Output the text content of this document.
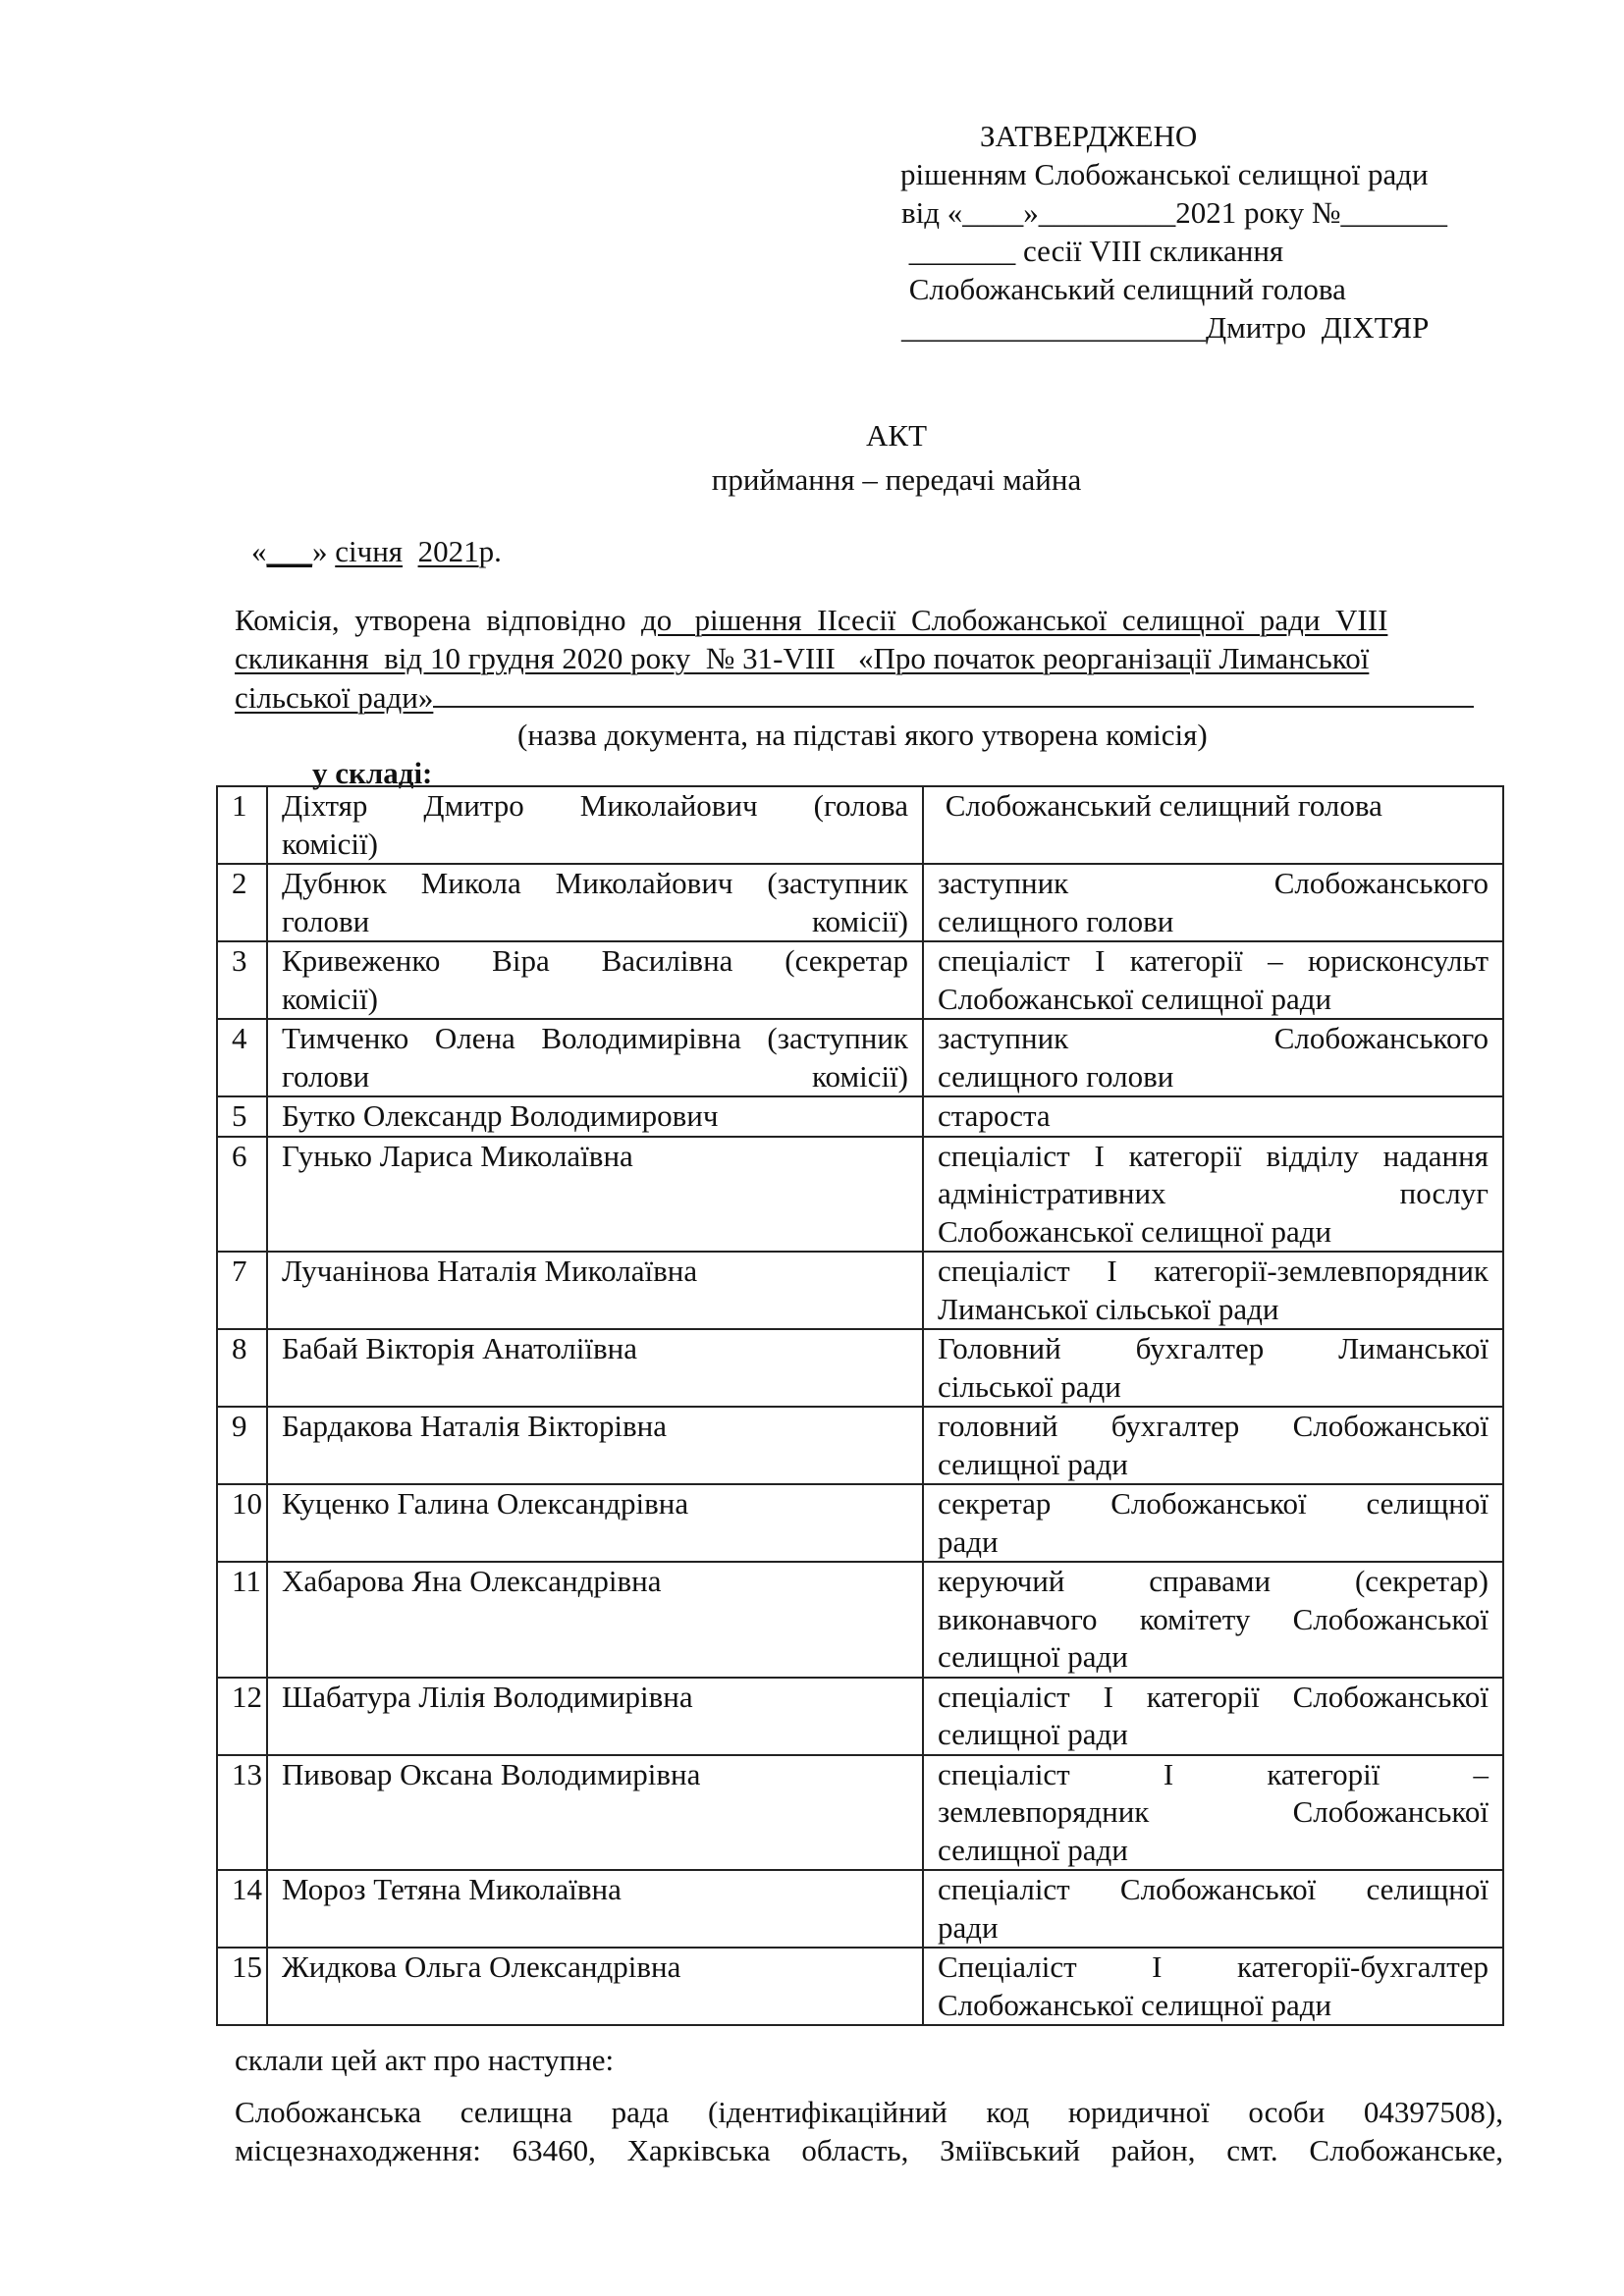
ЗАТВЕРДЖЕНО
рішенням Слобожанської селищної ради
від «____»_________2021 року №_______
_______ сесії VIII скликання
Слобожанський селищний голова
____________________Дмитро  ДІХТЯР
АКТ
приймання – передачі майна
«___» січня 2021р.
Комісія,  утворена  відповідно  до   рішення  ІІсесії  Слобожанської  селищної  ради  VIII
скликання  від 10 грудня 2020 року  № 31-VIII   «Про початок реорганізації Лиманської
сільської ради»
(назва документа, на підставі якого утворена комісія)
у складі:
1	Діхтяр Дмитро Миколайович (голова
комісії)	Слобожанський селищний голова

2	Дубнюк Микола Миколайович (заступник
голови комісії)	заступник Слобожанського
селищного голови

3	Кривеженко Віра Василівна (секретар
комісії)	спеціаліст І категорії – юрисконсульт
Слобожанської селищної ради

4	Тимченко Олена Володимирівна (заступник
голови комісії)	заступник Слобожанського
селищного голови

5	Бутко Олександр Володимирович	староста

6	Гунько Лариса Миколаївна	спеціаліст І категорії відділу надання
адміністративних послуг
Слобожанської селищної ради

7	Лучанінова Наталія Миколаївна	спеціаліст І категорії-землевпорядник
Лиманської сільської ради

8	Бабай Вікторія Анатоліївна	Головний бухгалтер Лиманської
сільської ради

9	Бардакова Наталія Вікторівна	головний бухгалтер Слобожанської
селищної ради

10	Куценко Галина Олександрівна	секретар Слобожанської селищної
ради

11	Хабарова Яна Олександрівна	керуючий справами (секретар)
виконавчого комітету Слобожанської
селищної ради

12	Шабатура Лілія Володимирівна	спеціаліст І категорії Слобожанської
селищної ради

13	Пивовар Оксана Володимирівна	спеціаліст І категорії –
землевпорядник Слобожанської
селищної ради

14	Мороз Тетяна Миколаївна	спеціаліст Слобожанської селищної
ради

15	Жидкова Ольга Олександрівна	Спеціаліст І категорії-бухгалтер
Слобожанської селищної ради
склали цей акт про наступне:
Слобожанська  селищна  рада  (ідентифікаційний  код  юридичної  особи  04397508),
місцезнаходження:  63460,  Харківська  область,  Зміївський  район,  смт.  Слобожанське,
